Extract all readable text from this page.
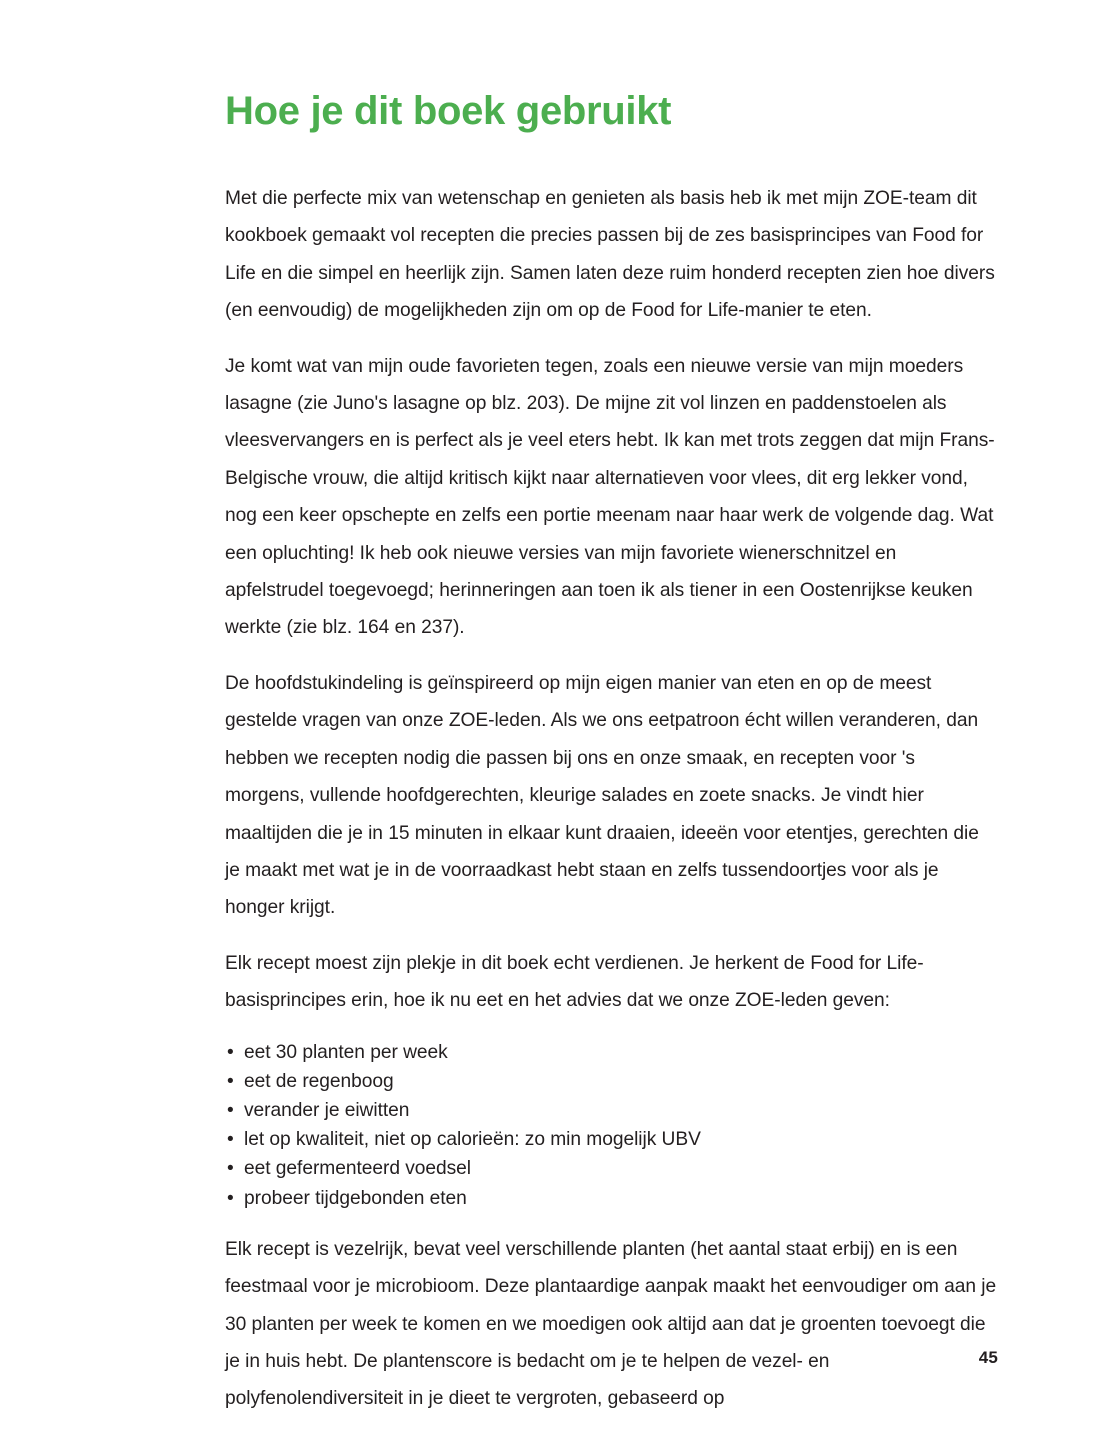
Hoe je dit boek gebruikt

Met die perfecte mix van wetenschap en genieten als basis heb ik met mijn ZOE-team dit kookboek gemaakt vol recepten die precies passen bij de zes basisprincipes van Food for Life en die simpel en heerlijk zijn. Samen laten deze ruim honderd recepten zien hoe divers (en eenvoudig) de mogelijkheden zijn om op de Food for Life-manier te eten.

Je komt wat van mijn oude favorieten tegen, zoals een nieuwe versie van mijn moeders lasagne (zie Juno's lasagne op blz. 203). De mijne zit vol linzen en paddenstoelen als vleesvervangers en is perfect als je veel eters hebt. Ik kan met trots zeggen dat mijn Frans-Belgische vrouw, die altijd kritisch kijkt naar alternatieven voor vlees, dit erg lekker vond, nog een keer opschepte en zelfs een portie meenam naar haar werk de volgende dag. Wat een opluchting! Ik heb ook nieuwe versies van mijn favoriete wienerschnitzel en apfelstrudel toegevoegd; herinneringen aan toen ik als tiener in een Oostenrijkse keuken werkte (zie blz. 164 en 237).

De hoofdstukindeling is geïnspireerd op mijn eigen manier van eten en op de meest gestelde vragen van onze ZOE-leden. Als we ons eetpatroon écht willen veranderen, dan hebben we recepten nodig die passen bij ons en onze smaak, en recepten voor 's morgens, vullende hoofdgerechten, kleurige salades en zoete snacks. Je vindt hier maaltijden die je in 15 minuten in elkaar kunt draaien, ideeën voor etentjes, gerechten die je maakt met wat je in de voorraadkast hebt staan en zelfs tussendoortjes voor als je honger krijgt.

Elk recept moest zijn plekje in dit boek echt verdienen. Je herkent de Food for Life-basisprincipes erin, hoe ik nu eet en het advies dat we onze ZOE-leden geven:

• eet 30 planten per week
• eet de regenboog
• verander je eiwitten
• let op kwaliteit, niet op calorieën: zo min mogelijk UBV
• eet gefermenteerd voedsel
• probeer tijdgebonden eten

Elk recept is vezelrijk, bevat veel verschillende planten (het aantal staat erbij) en is een feestmaal voor je microbioom. Deze plantaardige aanpak maakt het eenvoudiger om aan je 30 planten per week te komen en we moedigen ook altijd aan dat je groenten toevoegt die je in huis hebt. De plantenscore is bedacht om je te helpen de vezel- en polyfenolendiversiteit in je dieet te vergroten, gebaseerd op

45
